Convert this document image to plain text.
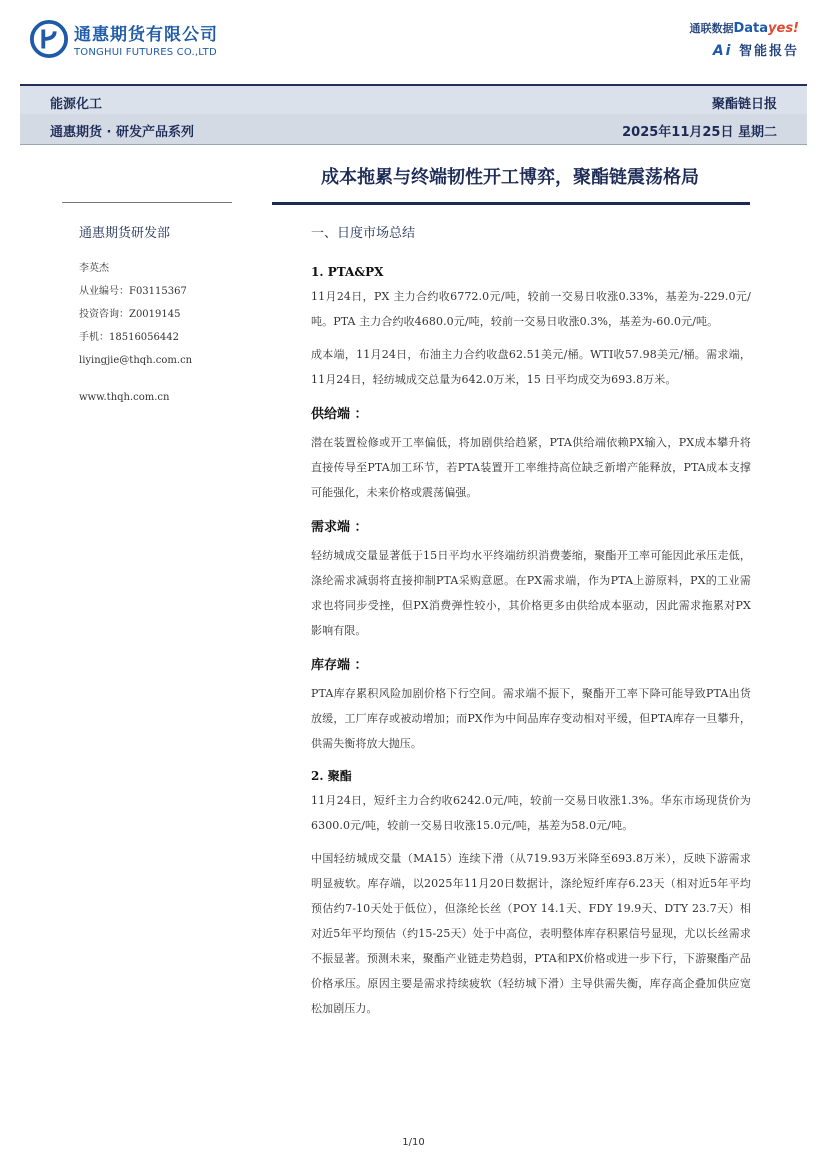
通惠期货有限公司
TONGHUI FUTURES CO.,LTD
通联数据Datayes!
Ai 智能报告
能源化工	聚酯链日报
通惠期货 · 研发产品系列	2025年11月25日 星期二
成本拖累与终端韧性开工博弈，聚酯链震荡格局
通惠期货研发部
李英杰
从业编号：F03115367
投资咨询：Z0019145
手机：18516056442
liyingjie@thqh.com.cn
www.thqh.com.cn
一、日度市场总结
1. PTA&PX

11月24日，PX 主力合约收6772.0元/吨，较前一交易日收涨0.33%，基差为-229.0元/吨。PTA 主力合约收4680.0元/吨，较前一交易日收涨0.3%，基差为-60.0元/吨。

成本端，11月24日，布油主力合约收盘62.51美元/桶。WTI收57.98美元/桶。需求端，11月24日，轻纺城成交总量为642.0万米，15 日平均成交为693.8万米。

供给端 ：

潜在装置检修或开工率偏低，将加剧供给趋紧，PTA供给端依赖PX输入，PX成本攀升将直接传导至PTA加工环节，若PTA装置开工率维持高位缺乏新增产能释放，PTA成本支撑可能强化，未来价格或震荡偏强。

需求端 ：

轻纺城成交量显著低于15日平均水平终端纺织消费萎缩，聚酯开工率可能因此承压走低，涤纶需求减弱将直接抑制PTA采购意愿。在PX需求端，作为PTA上游原料，PX的工业需求也将同步受挫，但PX消费弹性较小，其价格更多由供给成本驱动，因此需求拖累对PX影响有限。

库存端 ：

PTA库存累积风险加剧价格下行空间。需求端不振下，聚酯开工率下降可能导致PTA出货放缓，工厂库存或被动增加；而PX作为中间品库存变动相对平缓，但PTA库存一旦攀升，供需失衡将放大抛压。

2. 聚酯

11月24日，短纤主力合约收6242.0元/吨，较前一交易日收涨1.3%。华东市场现货价为6300.0元/吨，较前一交易日收涨15.0元/吨，基差为58.0元/吨。

中国轻纺城成交量（MA15）连续下滑（从719.93万米降至693.8万米），反映下游需求明显疲软。库存端，以2025年11月20日数据计，涤纶短纤库存6.23天（相对近5年平均预估约7-10天处于低位），但涤纶长丝（POY 14.1天、FDY 19.9天、DTY 23.7天）相对近5年平均预估（约15-25天）处于中高位，表明整体库存积累信号显现，尤以长丝需求不振显著。预测未来，聚酯产业链走势趋弱，PTA和PX价格或进一步下行，下游聚酯产品价格承压。原因主要是需求持续疲软（轻纺城下滑）主导供需失衡，库存高企叠加供应宽松加剧压力。

1/10
